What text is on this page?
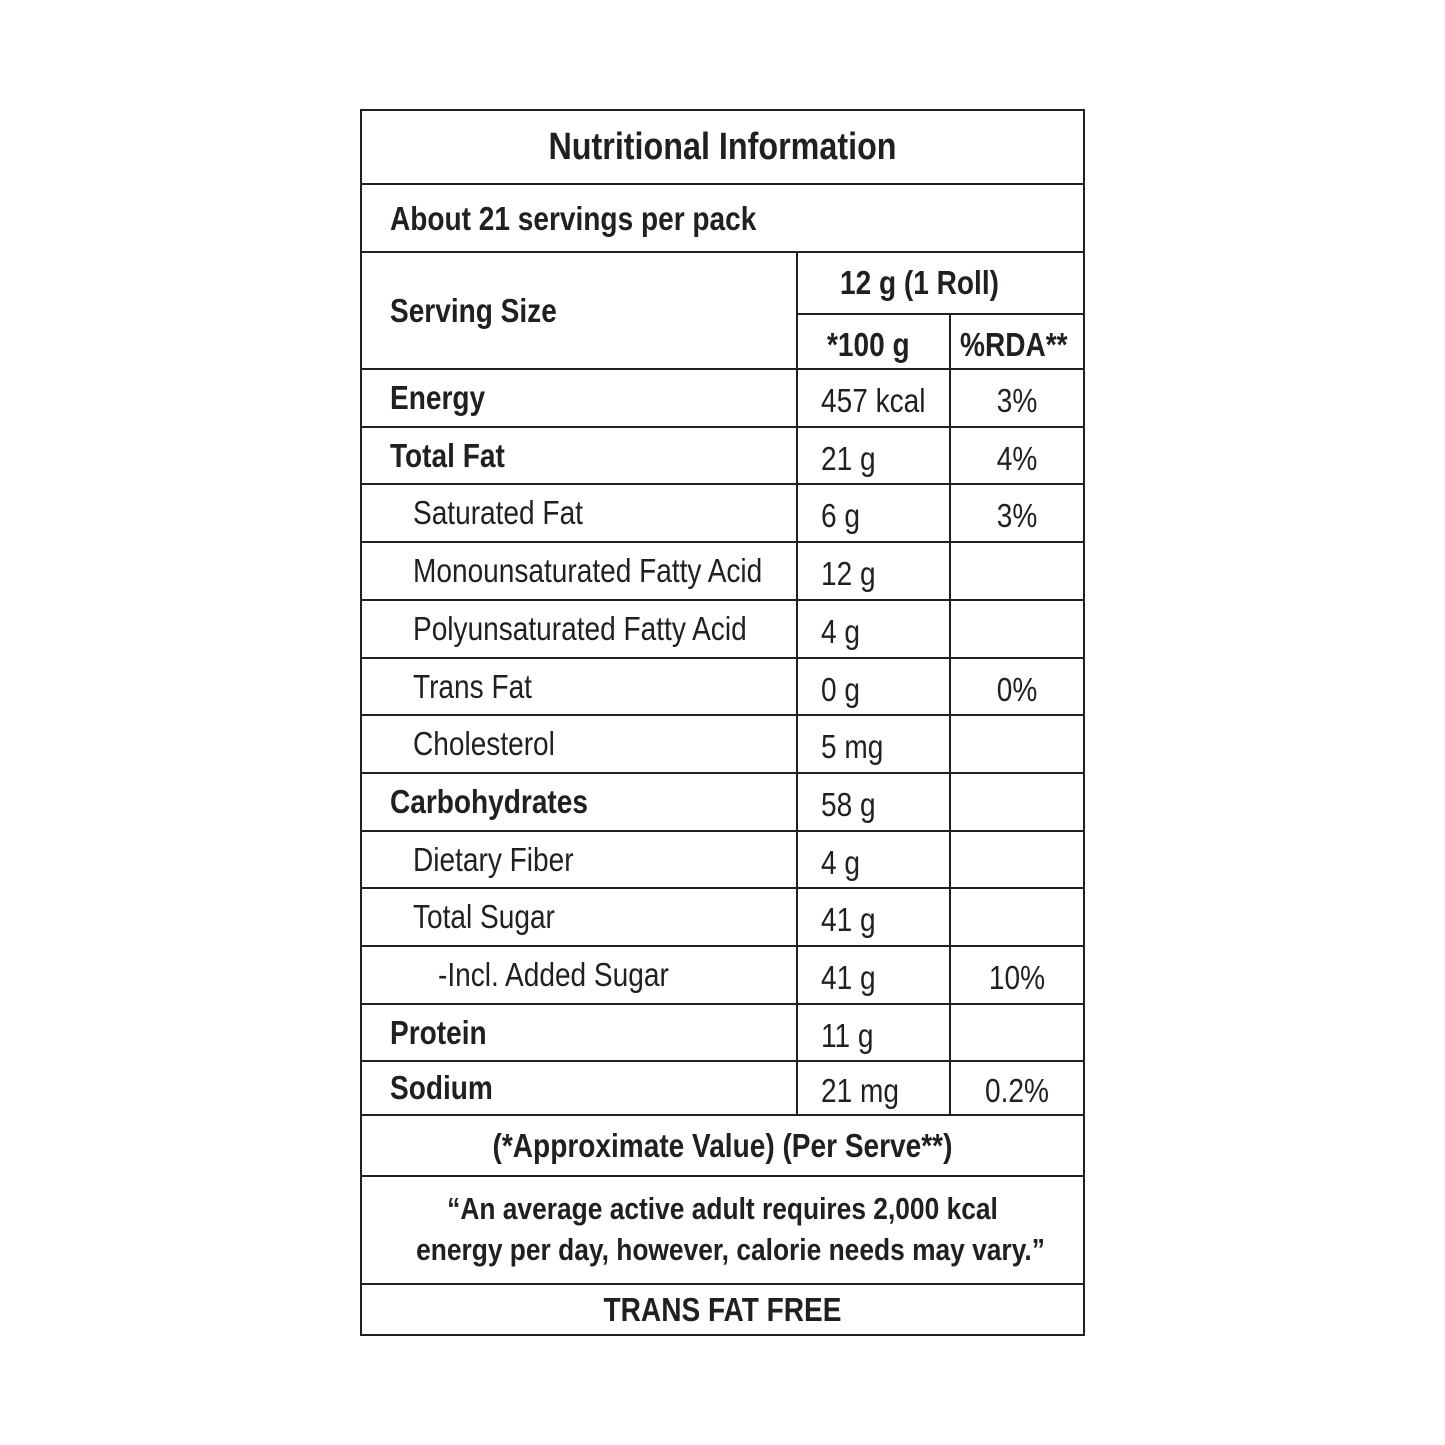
Nutritional Information
About 21 servings per pack
Serving Size
12 g (1 Roll)
*100 g %RDA**
Energy	457 kcal	3%
Total Fat	21 g	4%
Saturated Fat	6 g	3%
Monounsaturated Fatty Acid 12 g
Polyunsaturated Fatty Acid 4 g
Trans Fat	0 g	0%
Cholesterol	5 mg
Carbohydrates	58 g
Dietary Fiber	4 g
Total Sugar	41 g
-Incl. Added Sugar	41 g	10%
Protein	11 g
Sodium	21 mg	0.2%
(*Approximate Value) (Per Serve**)
“An average active adult requires 2,000 kcal
energy per day, however, calorie needs may vary.”
TRANS FAT FREE
